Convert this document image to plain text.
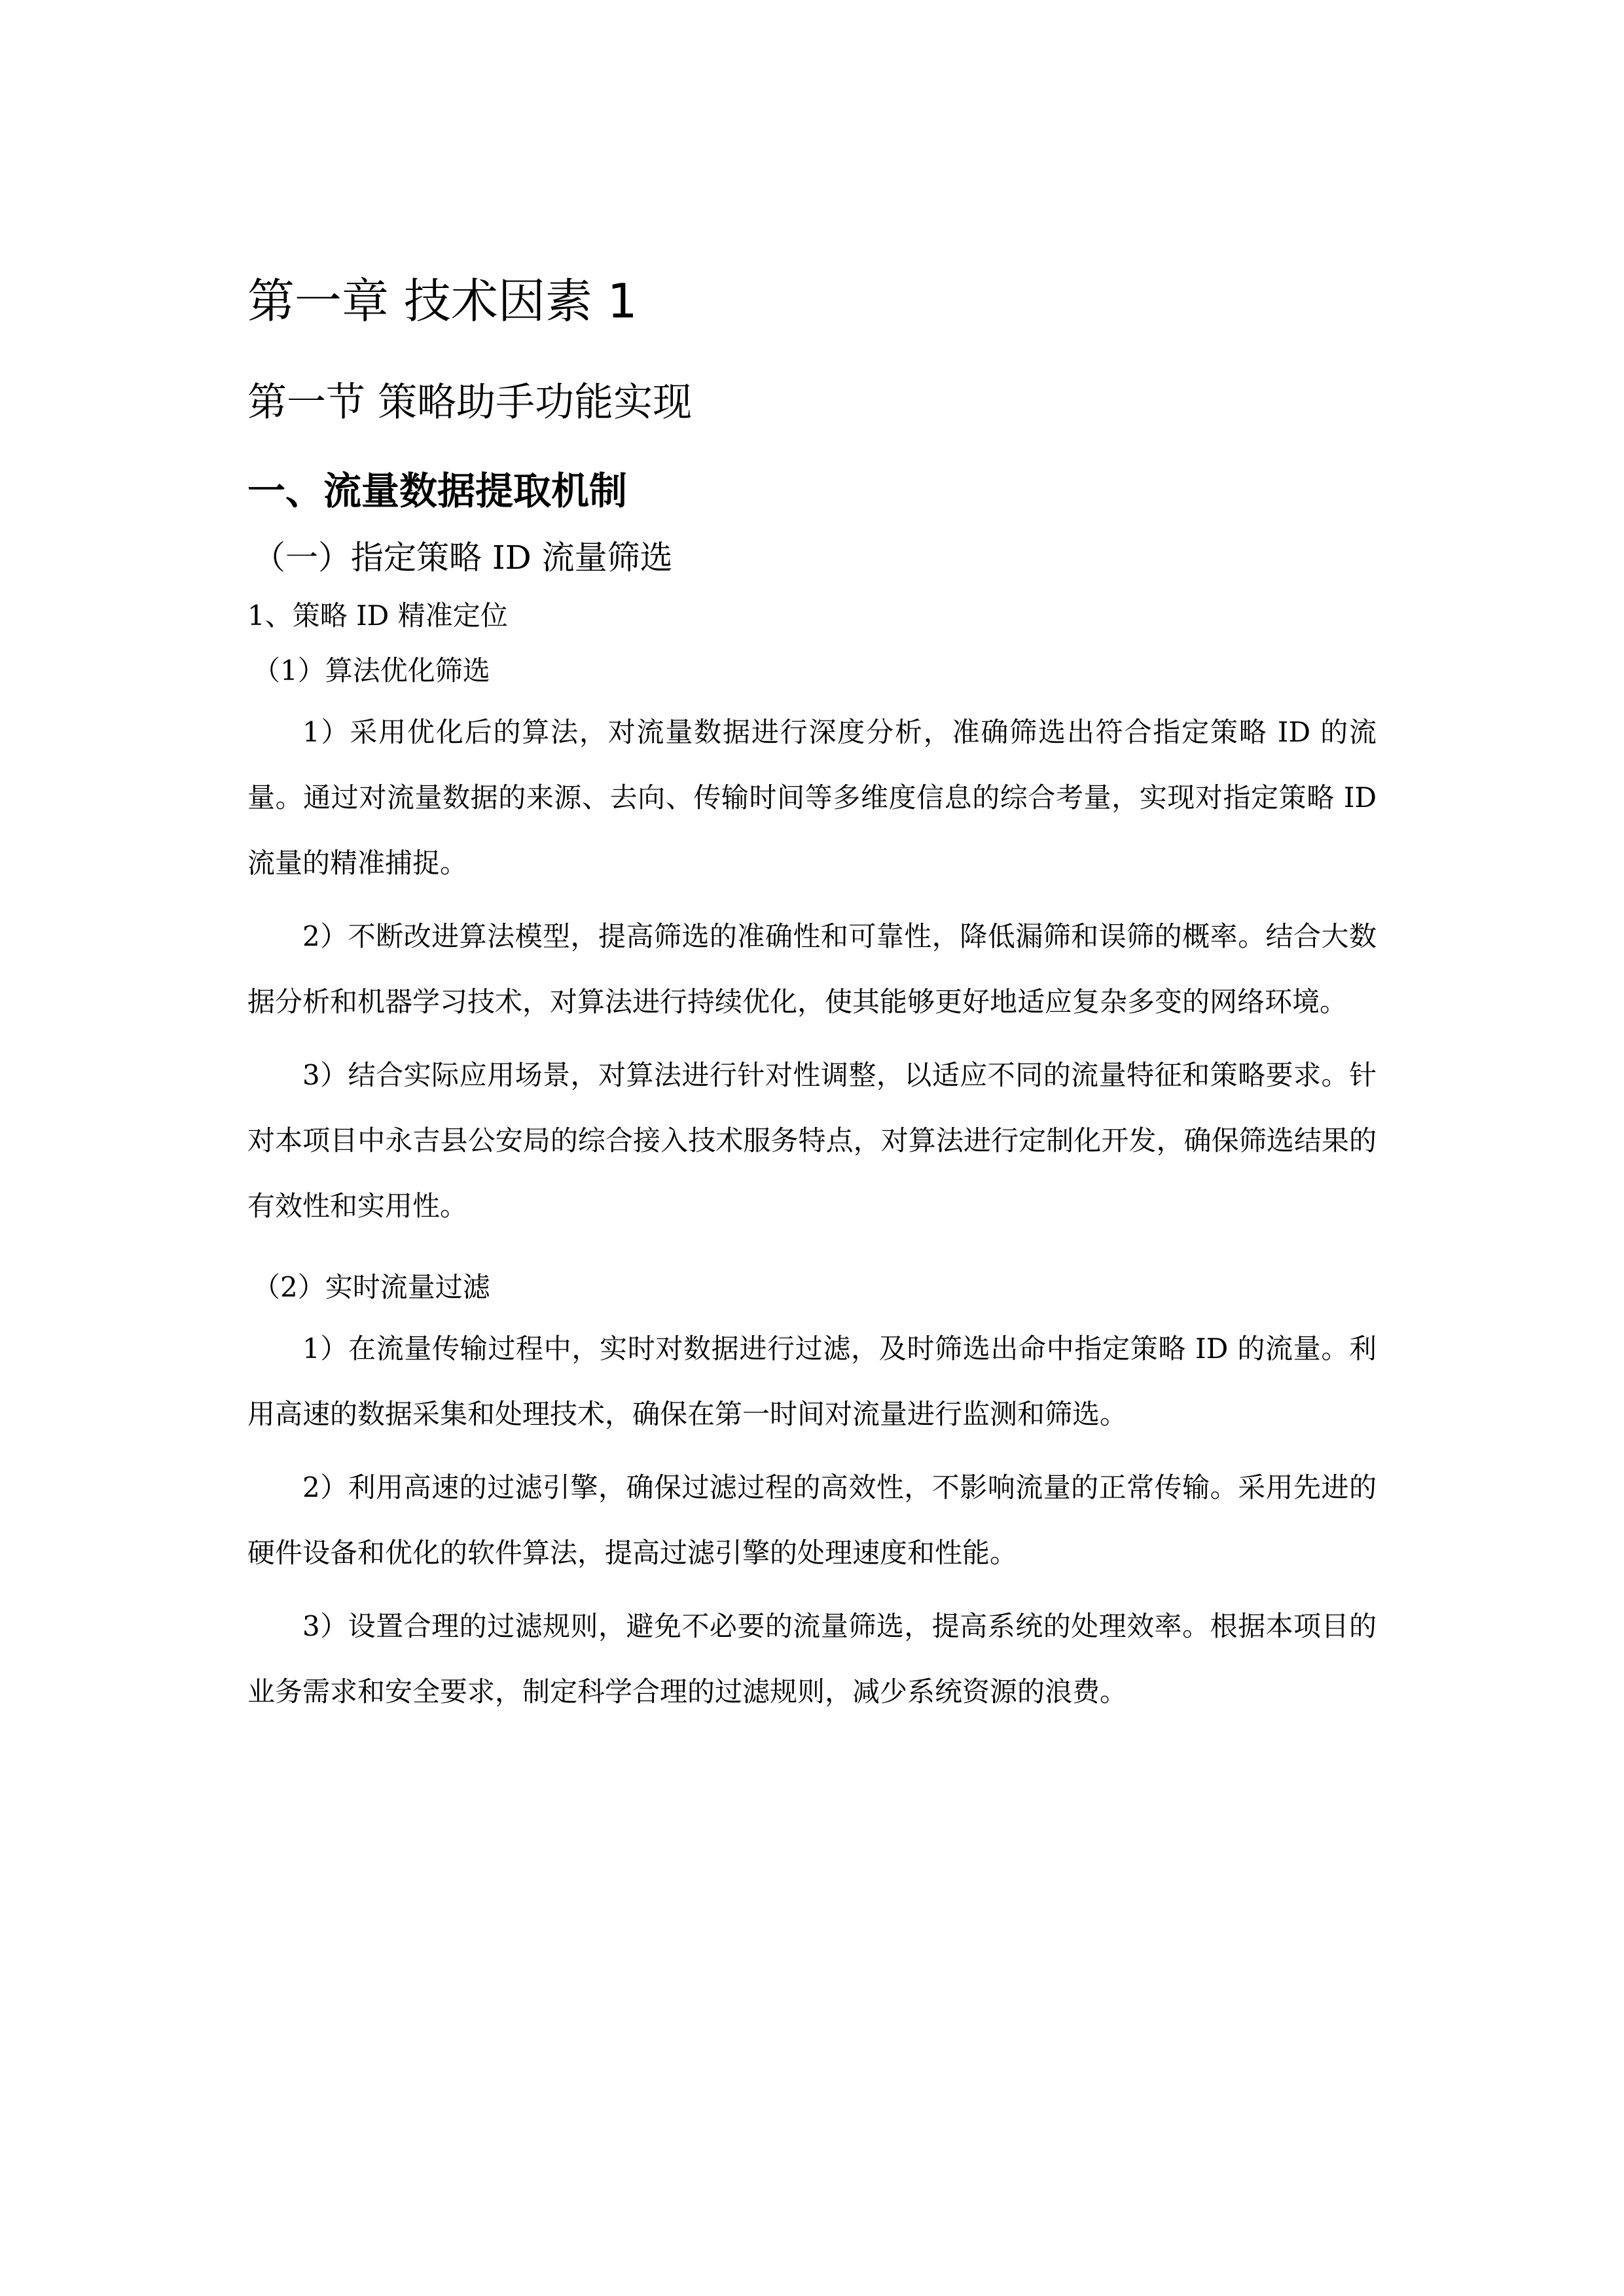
第一章 技术因素 1
第一节 策略助手功能实现
一、流量数据提取机制
（一）指定策略 ID 流量筛选
1、策略 ID 精准定位
（1）算法优化筛选

1）采用优化后的算法，对流量数据进行深度分析，准确筛选出符合指定策略 ID 的流量。通过对流量数据的来源、去向、传输时间等多维度信息的综合考量，实现对指定策略 ID 流量的精准捕捉。

2）不断改进算法模型，提高筛选的准确性和可靠性，降低漏筛和误筛的概率。结合大数据分析和机器学习技术，对算法进行持续优化，使其能够更好地适应复杂多变的网络环境。

3）结合实际应用场景，对算法进行针对性调整，以适应不同的流量特征和策略要求。针对本项目中永吉县公安局的综合接入技术服务特点，对算法进行定制化开发，确保筛选结果的有效性和实用性。

（2）实时流量过滤

1）在流量传输过程中，实时对数据进行过滤，及时筛选出命中指定策略 ID 的流量。利用高速的数据采集和处理技术，确保在第一时间对流量进行监测和筛选。

2）利用高速的过滤引擎，确保过滤过程的高效性，不影响流量的正常传输。采用先进的硬件设备和优化的软件算法，提高过滤引擎的处理速度和性能。

3）设置合理的过滤规则，避免不必要的流量筛选，提高系统的处理效率。根据本项目的业务需求和安全要求，制定科学合理的过滤规则，减少系统资源的浪费。
